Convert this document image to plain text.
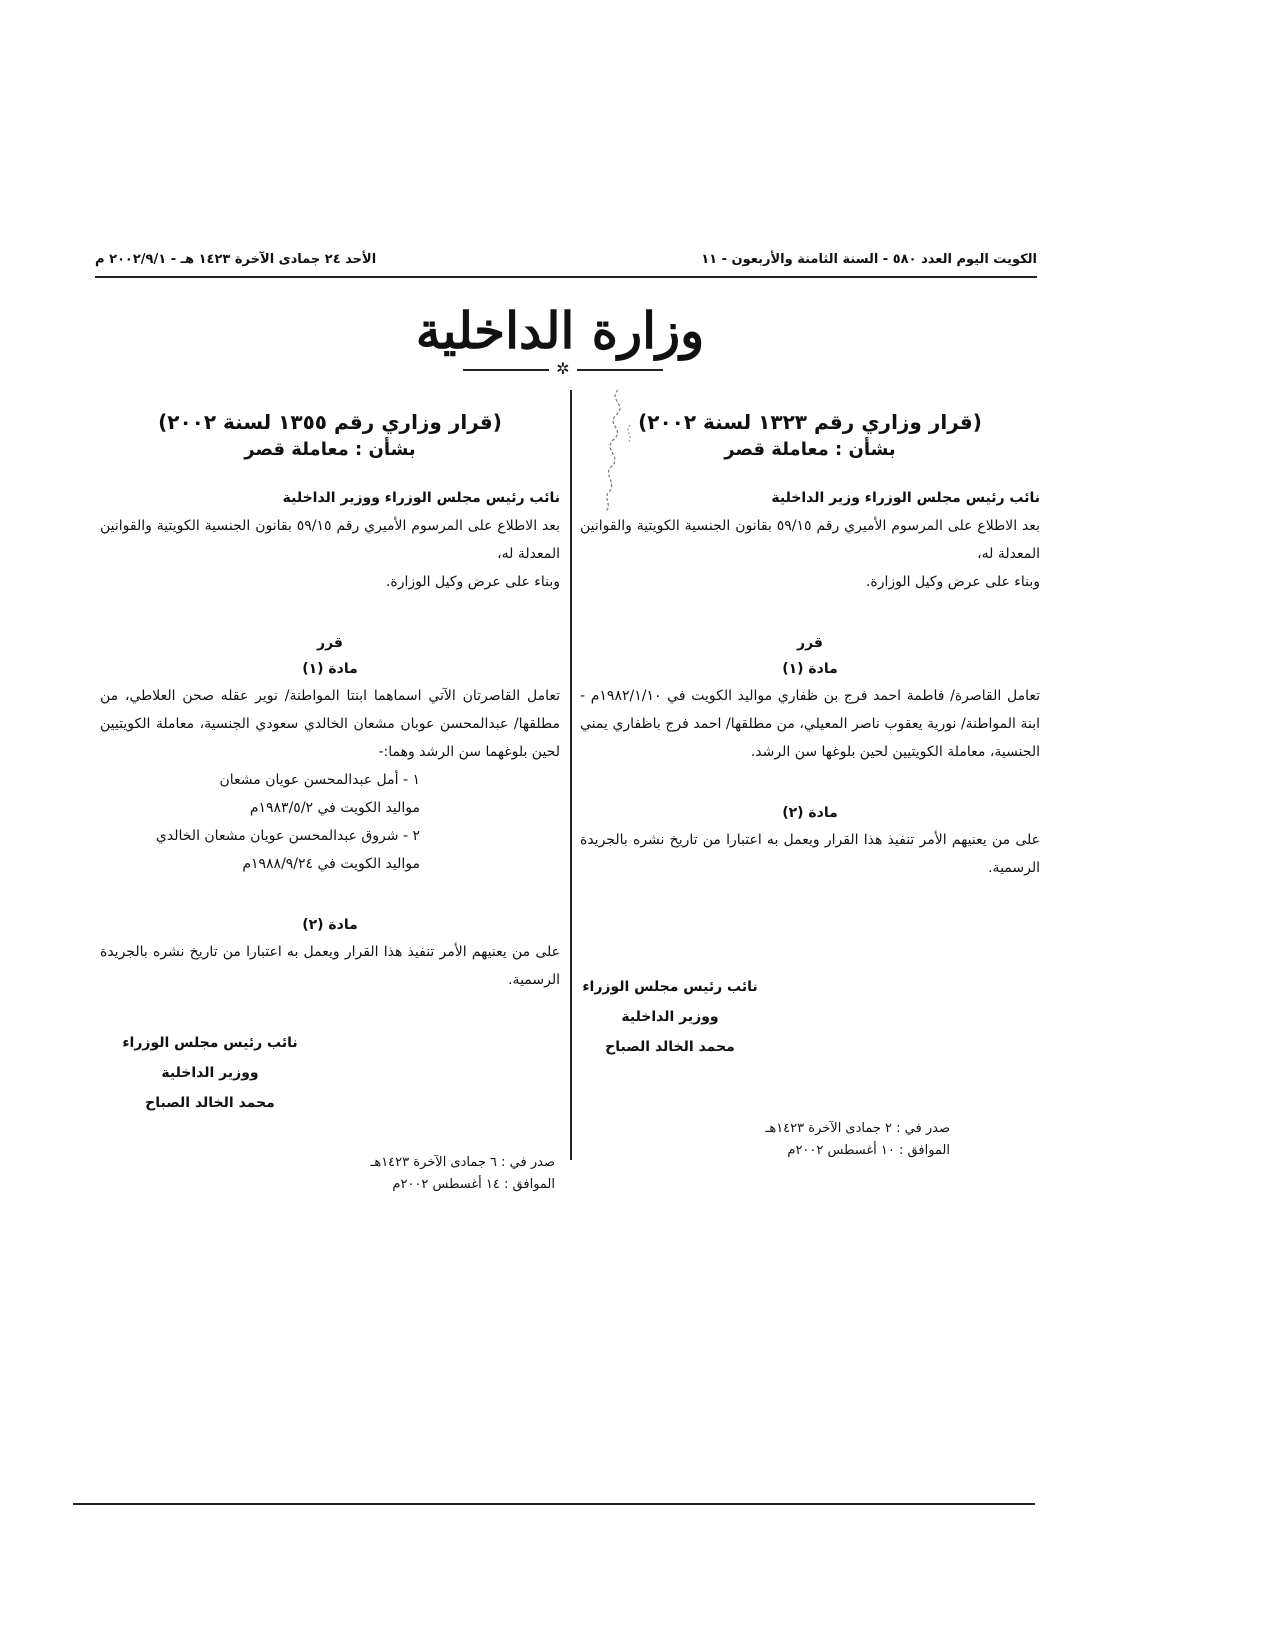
الكويت اليوم العدد ٥٨٠ - السنة الثامنة والأربعون - ١١
الأحد ٢٤ جمادى الآخرة ١٤٢٣ هـ - ٢٠٠٢/٩/١ م
وزارة الداخلية
✲

(قرار وزاري رقم ١٣٢٣ لسنة ٢٠٠٢)

بشأن : معاملة قصر

نائب رئيس مجلس الوزراء وزير الداخلية

بعد الاطلاع على المرسوم الأميري رقم ٥٩/١٥ بقانون الجنسية الكويتية والقوانين المعدلة له،

وبناء على عرض وكيل الوزارة.

قرر

مادة (١)

تعامل القاصرة/ فاطمة احمد فرج بن ظفاري مواليد الكويت في ١٩٨٢/١/١٠م - ابنة المواطنة/ نورية يعقوب ناصر المعيلي، من مطلقها/ احمد فرج باظفاري يمني الجنسية، معاملة الكويتيين لحين بلوغها سن الرشد.

مادة (٢)

على من يعنيهم الأمر تنفيذ هذا القرار ويعمل به اعتبارا من تاريخ نشره بالجريدة الرسمية.

نائب رئيس مجلس الوزراء

ووزير الداخلية

محمد الخالد الصباح

صدر في : ٢ جمادى الآخرة ١٤٢٣هـ

الموافق : ١٠ أغسطس ٢٠٠٢م

(قرار وزاري رقم ١٣٥٥ لسنة ٢٠٠٢)

بشأن : معاملة قصر

نائب رئيس مجلس الوزراء ووزير الداخلية

بعد الاطلاع على المرسوم الأميري رقم ٥٩/١٥ بقانون الجنسية الكويتية والقوانين المعدلة له،

وبناء على عرض وكيل الوزارة.

قرر

مادة (١)

تعامل القاصرتان الآتي اسماهما ابنتا المواطنة/ نوير عقله صحن العلاطي، من مطلقها/ عبدالمحسن عوبان مشعان الخالدي سعودي الجنسية، معاملة الكويتيين لحين بلوغهما سن الرشد وهما:-

١ - أمل عبدالمحسن عويان مشعان

مواليد الكويت في ١٩٨٣/٥/٢م

٢ - شروق عبدالمحسن عويان مشعان الخالدي

مواليد الكويت في ١٩٨٨/٩/٢٤م

مادة (٢)

على من يعنيهم الأمر تنفيذ هذا القرار ويعمل به اعتبارا من تاريخ نشره بالجريدة الرسمية.

نائب رئيس مجلس الوزراء

ووزير الداخلية

محمد الخالد الصباح

صدر في : ٦ جمادى الآخرة ١٤٢٣هـ

الموافق : ١٤ أغسطس ٢٠٠٢م
